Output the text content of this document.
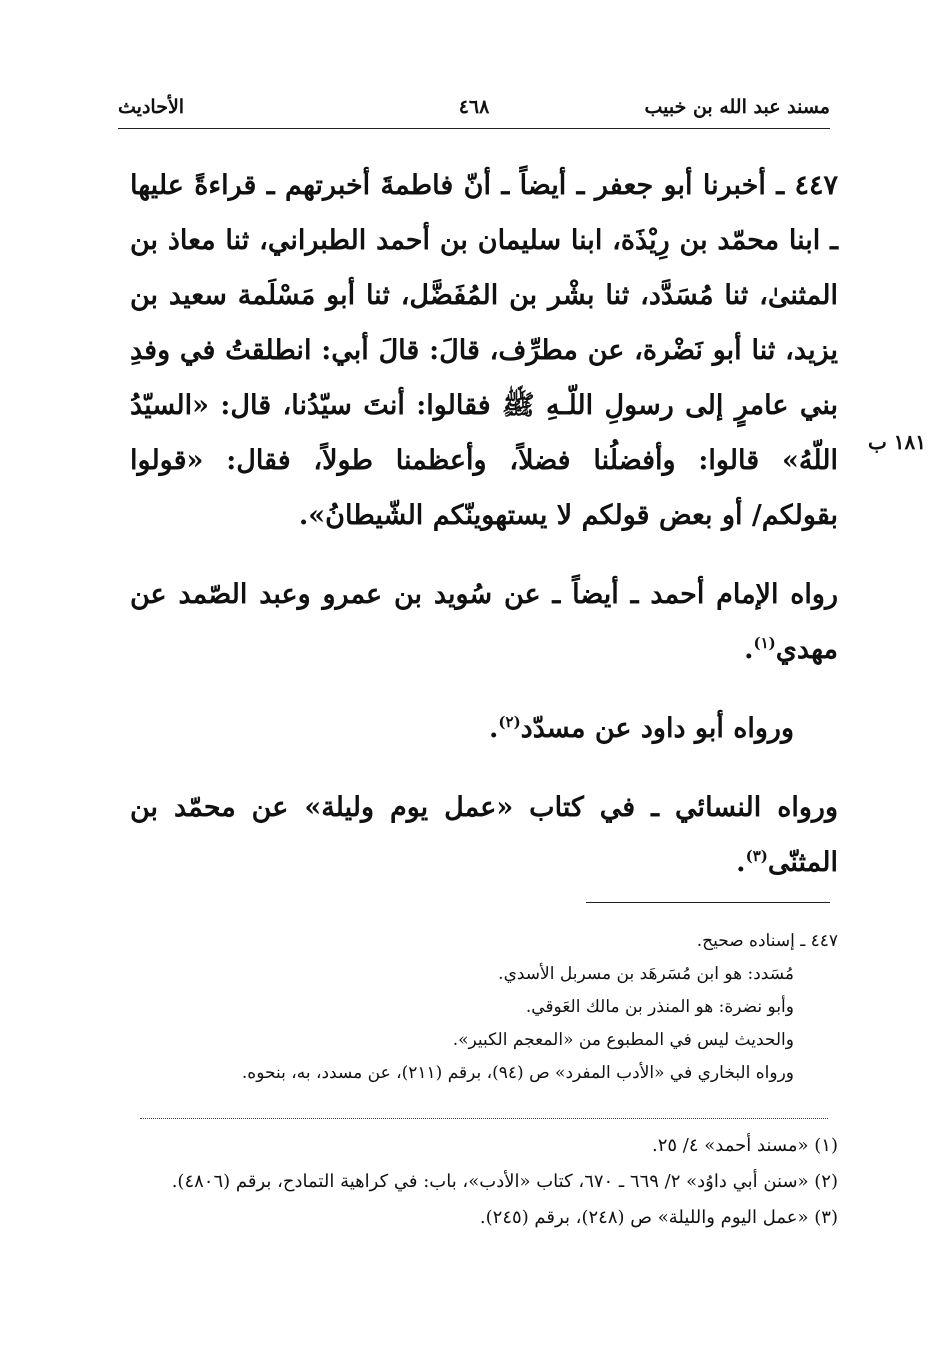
مسند عبد الله بن خبيب
٤٦٨
الأحاديث
١٨١ ب

٤٤٧ ـ أخبرنا أبو جعفر ـ أيضاً ـ أنّ فاطمةَ أخبرتهم ـ قراءةً عليها ـ ابنا محمّد بن رِيْذَة، ابنا سليمان بن أحمد الطبراني، ثنا معاذ بن المثنىٰ، ثنا مُسَدَّد، ثنا بشْر بن المُفَضَّل، ثنا أبو مَسْلَمة سعيد بن يزيد، ثنا أبو نَضْرة، عن مطرِّف، قالَ: قالَ أبي: انطلقتُ في وفدِ بني عامرٍ إلى رسولِ اللّـهِ ﷺ فقالوا: أنتَ سيّدُنا، قال: «السيّدُ اللّهُ» قالوا: وأفضلُنا فضلاً، وأعظمنا طولاً، فقال: «قولوا بقولكم/ أو بعض قولكم لا يستهوينّكم الشّيطانُ».

رواه الإمام أحمد ـ أيضاً ـ عن سُويد بن عمرو وعبد الصّمد عن مهدي$^{(١)}$.

ورواه أبو داود عن مسدّد$^{(٢)}$.

ورواه النسائي ـ في كتاب «عمل يوم وليلة» عن محمّد بن المثنّى$^{(٣)}$.

٤٤٧ ـ إسناده صحيح.

مُسَدد: هو ابن مُسَرهَد بن مسربل الأسدي.

وأبو نضرة: هو المنذر بن مالك العَوقي.

والحديث ليس في المطبوع من «المعجم الكبير».

ورواه البخاري في «الأدب المفرد» ص (٩٤)، برقم (٢١١)، عن مسدد، به، بنحوه.

(١) «مسند أحمد» ٤/ ٢٥.

(٢) «سنن أبي داوُد» ٢/ ٦٦٩ ـ ٦٧٠، كتاب «الأدب»، باب: في كراهية التمادح، برقم (٤٨٠٦).

(٣) «عمل اليوم والليلة» ص (٢٤٨)، برقم (٢٤٥).
